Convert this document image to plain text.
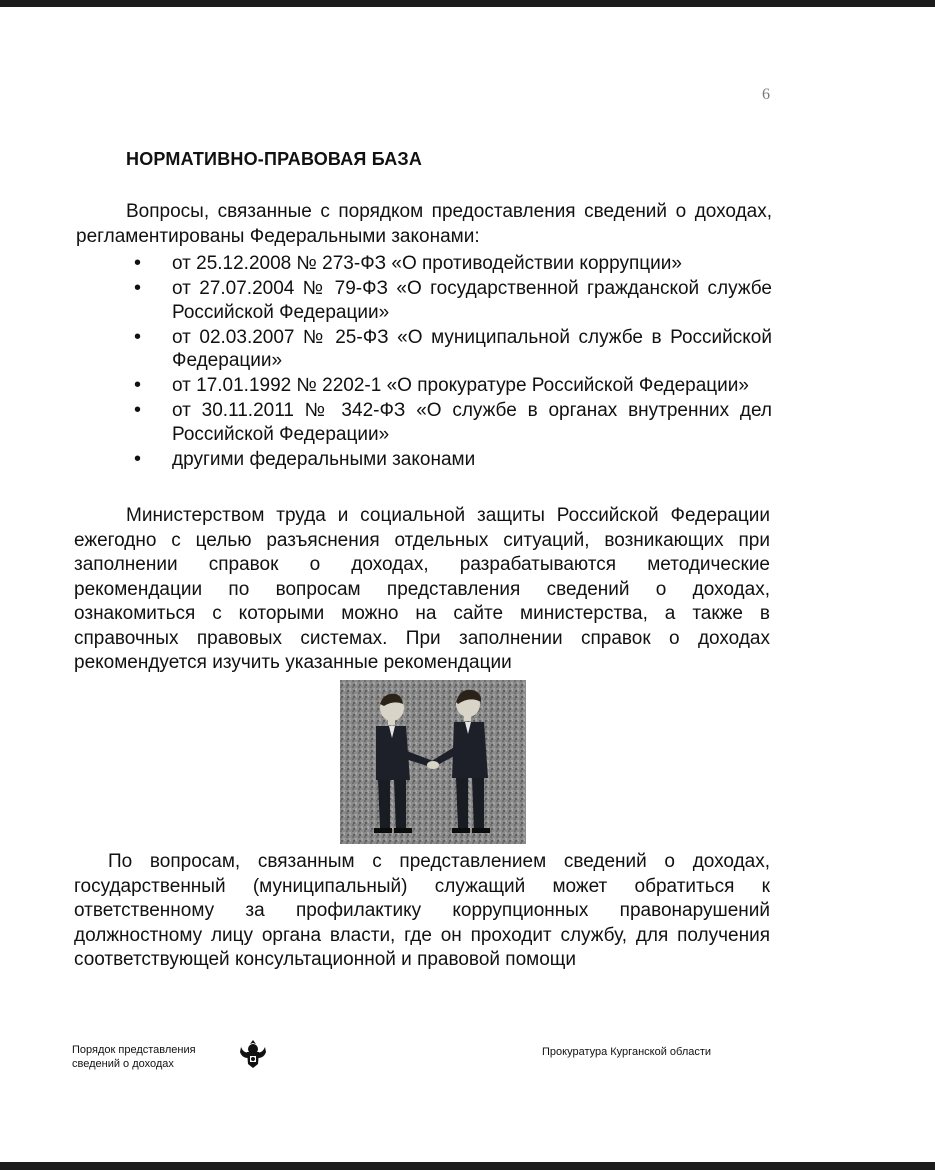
6
НОРМАТИВНО-ПРАВОВАЯ БАЗА
Вопросы, связанные с порядком предоставления сведений о доходах, регламентированы Федеральными законами:
• от 25.12.2008 № 273-ФЗ «О противодействии коррупции»
• от 27.07.2004 № 79-ФЗ «О государственной гражданской службе Российской Федерации»
• от 02.03.2007 № 25-ФЗ «О муниципальной службе в Российской Федерации»
• от 17.01.1992 № 2202-1 «О прокуратуре Российской Федерации»
• от 30.11.2011 № 342-ФЗ «О службе в органах внутренних дел Российской Федерации»
• другими федеральными законами
Министерством труда и социальной защиты Российской Федерации ежегодно с целью разъяснения отдельных ситуаций, возникающих при заполнении справок о доходах, разрабатываются методические рекомендации по вопросам представления сведений о доходах, ознакомиться с которыми можно на сайте министерства, а также в справочных правовых системах. При заполнении справок о доходах рекомендуется изучить указанные рекомендации
По вопросам, связанным с представлением сведений о доходах, государственный (муниципальный) служащий может обратиться к ответственному за профилактику коррупционных правонарушений должностному лицу органа власти, где он проходит службу, для получения соответствующей консультационной и правовой помощи
Порядок представления
сведений о доходах
Прокуратура Курганской области
